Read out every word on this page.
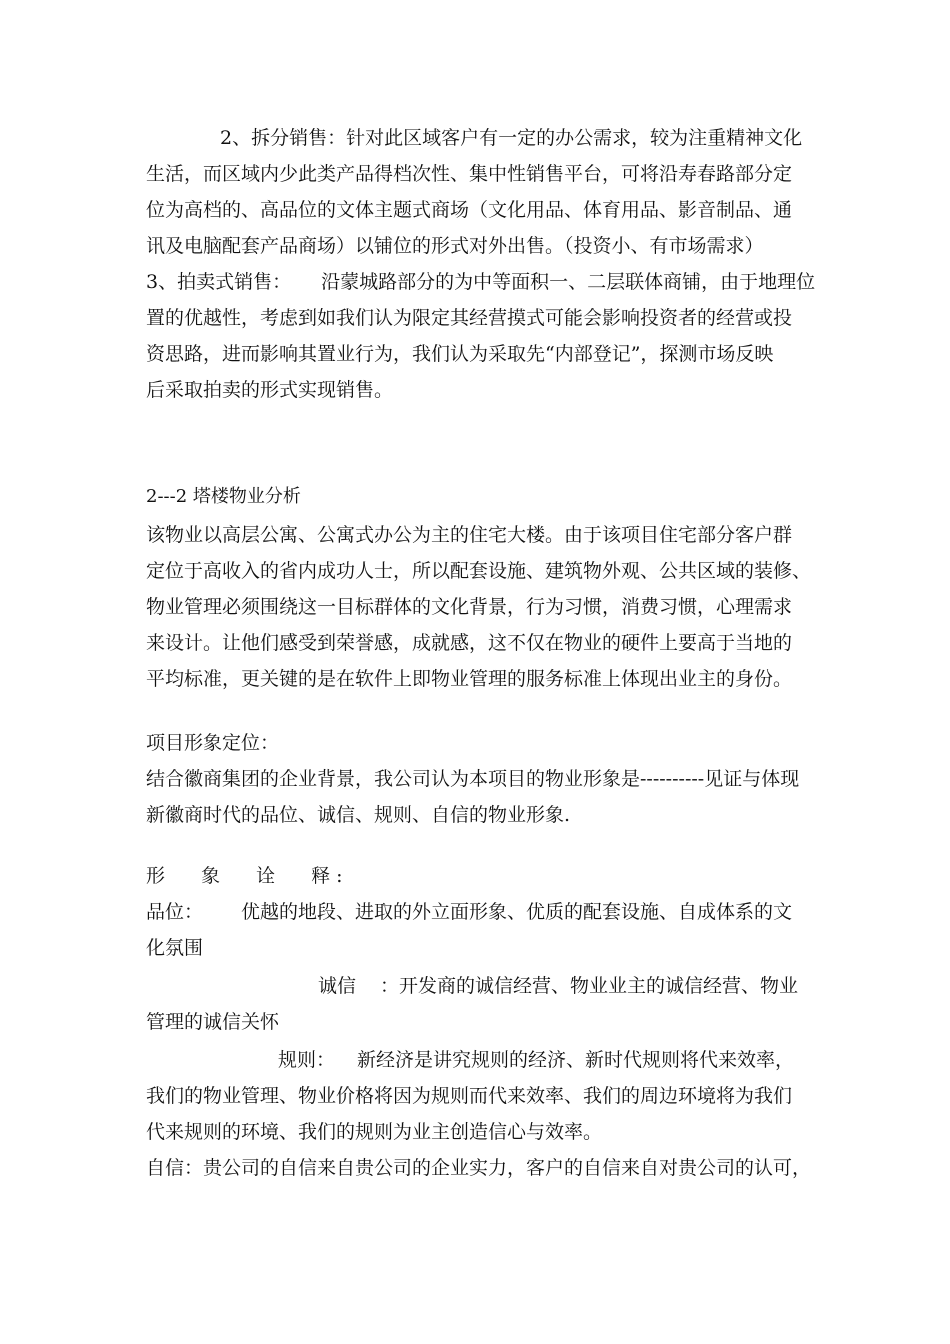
2、拆分销售：针对此区域客户有一定的办公需求，较为注重精神文化
生活，而区域内少此类产品得档次性、集中性销售平台，可将沿寿春路部分定
位为高档的、高品位的文体主题式商场（文化用品、体育用品、影音制品、通
讯及电脑配套产品商场）以铺位的形式对外出售。（投资小、有市场需求）
3、拍卖式销售： 沿蒙城路部分的为中等面积一、二层联体商铺，由于地理位
置的优越性，考虑到如我们认为限定其经营摸式可能会影响投资者的经营或投
资思路，进而影响其置业行为，我们认为采取先“内部登记”，探测市场反映
后采取拍卖的形式实现销售。
2---2 塔楼物业分析
该物业以高层公寓、公寓式办公为主的住宅大楼。由于该项目住宅部分客户群
定位于高收入的省内成功人士，所以配套设施、建筑物外观、公共区域的装修、
物业管理必须围绕这一目标群体的文化背景，行为习惯，消费习惯，心理需求
来设计。让他们感受到荣誉感，成就感，这不仅在物业的硬件上要高于当地的
平均标准，更关键的是在软件上即物业管理的服务标准上体现出业主的身份。
项目形象定位：
结合徽商集团的企业背景，我公司认为本项目的物业形象是----------见证与体现
新徽商时代的品位、诚信、规则、自信的物业形象.
形 象 诠 释:
品位： 优越的地段、进取的外立面形象、优质的配套设施、自成体系的文
化氛围
诚信 ：开发商的诚信经营、物业业主的诚信经营、物业
管理的诚信关怀
规则： 新经济是讲究规则的经济、新时代规则将代来效率，
我们的物业管理、物业价格将因为规则而代来效率、我们的周边环境将为我们
代来规则的环境、我们的规则为业主创造信心与效率。
自信：贵公司的自信来自贵公司的企业实力，客户的自信来自对贵公司的认可，
